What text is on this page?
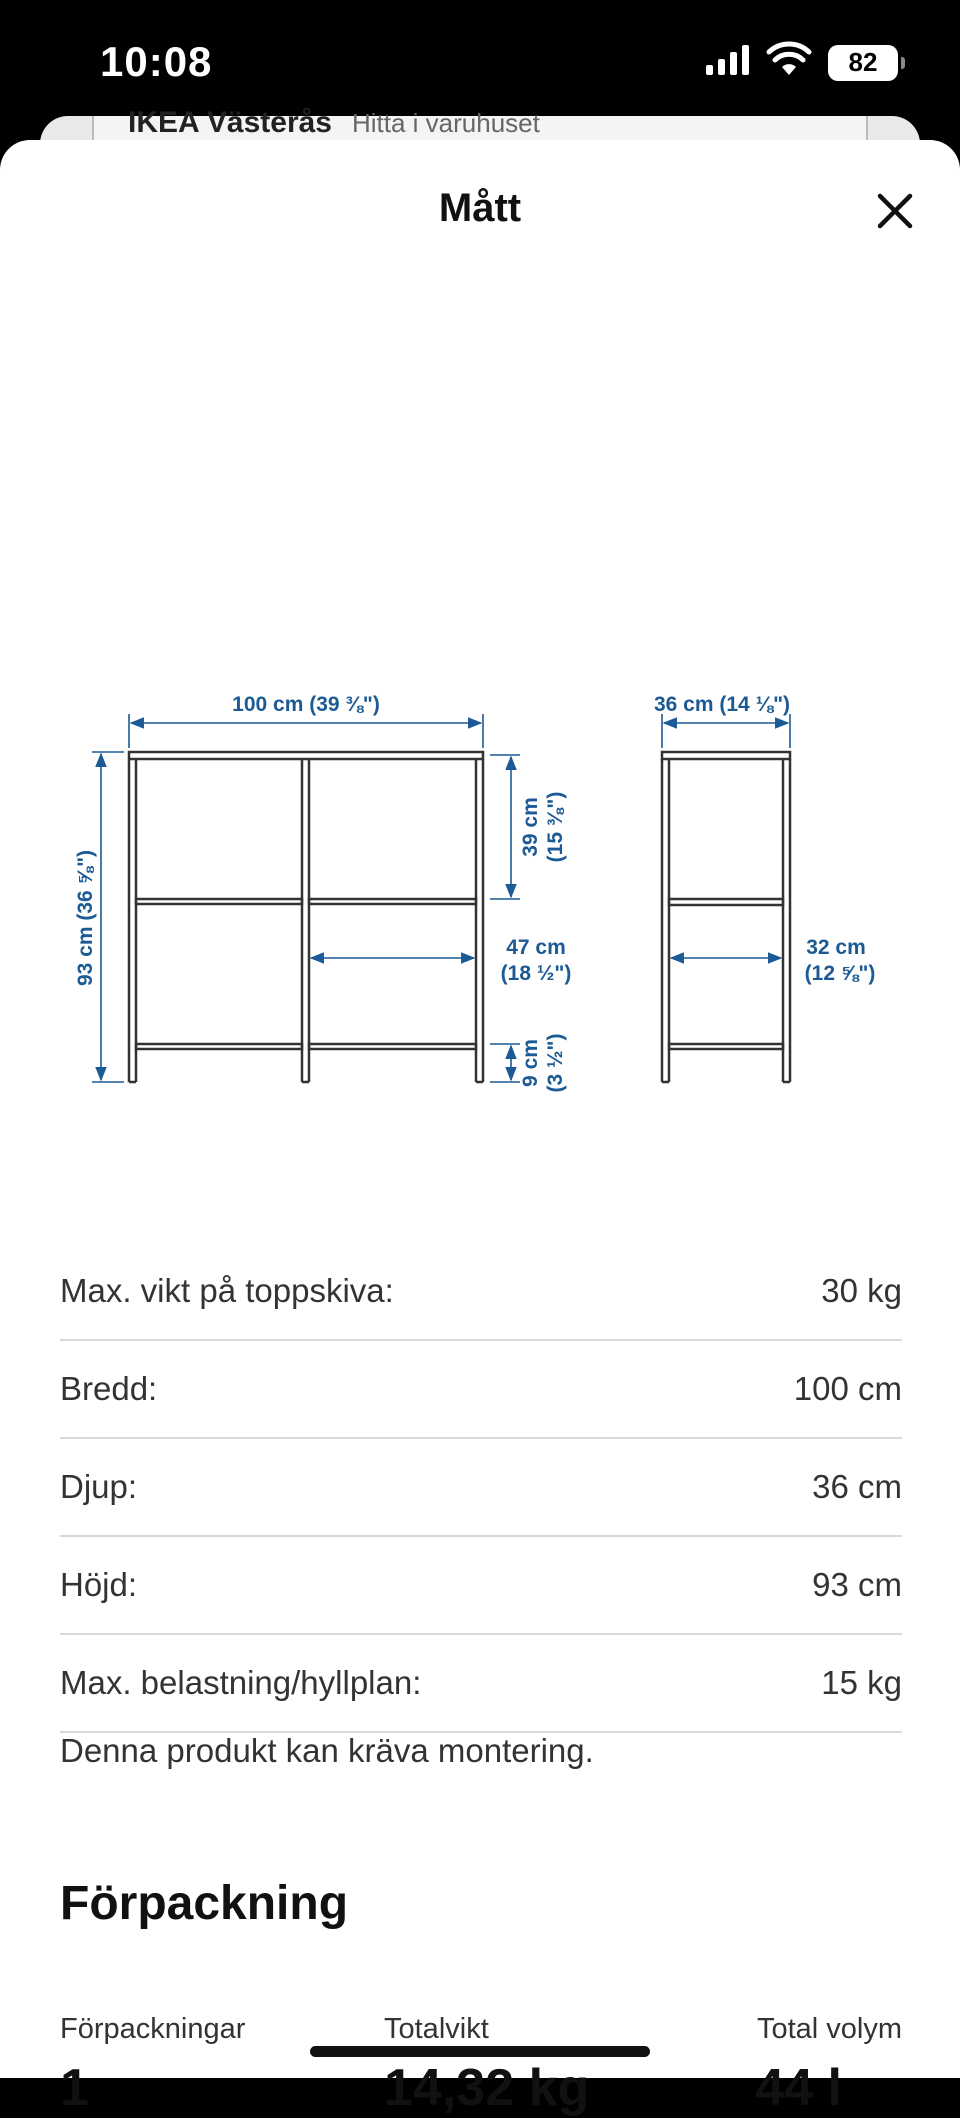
10:08	82
IKEA Västerås Hitta i varuhuset
Mått
100 cm (39 ⅜")
93 cm (36 ⅝")
39 cm (15 ⅜")
47 cm
(18 ½")
9 cm (3 ½")
36 cm (14 ⅛")
32 cm
(12 ⅝")
Max. vikt på toppskiva:	30 kg
Bredd:	100 cm
Djup:	36 cm
Höjd:	93 cm
Max. belastning/hyllplan:	15 kg
Denna produkt kan kräva montering.
Förpackning
Förpackningar	Totalvikt	Total volym
1	14,32 kg	44 l
